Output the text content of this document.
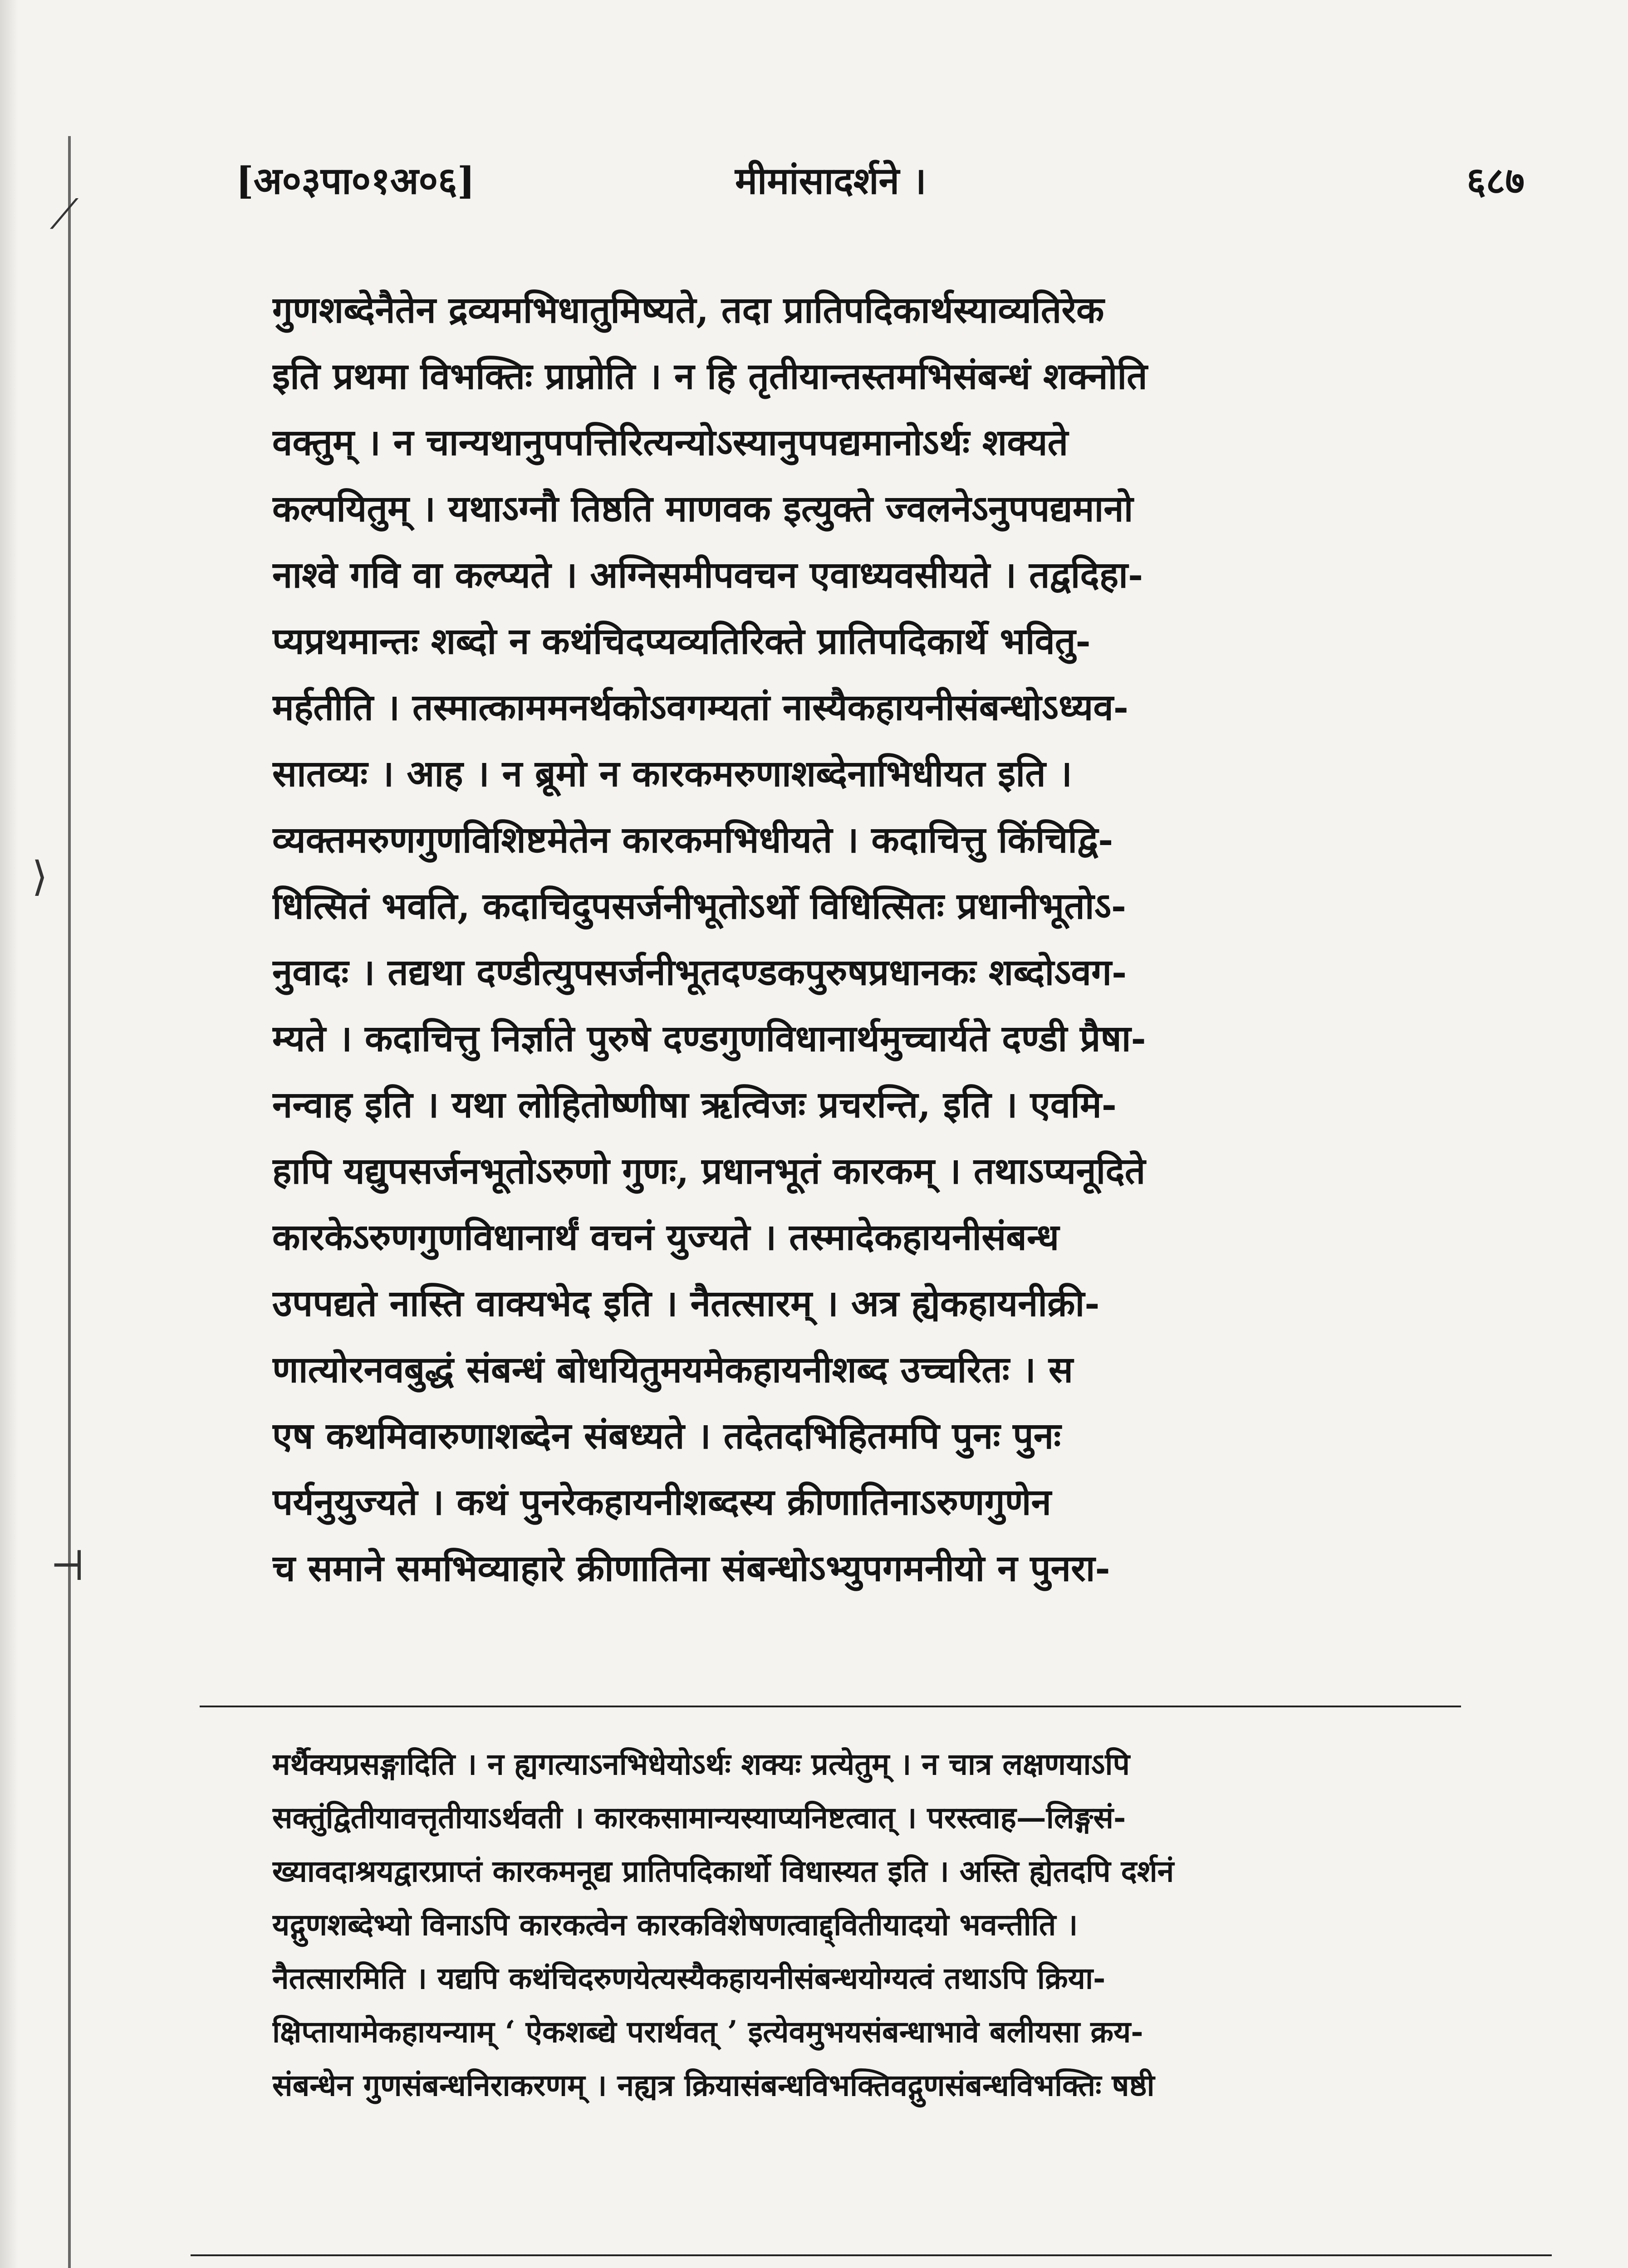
⟋
⟩
⊣
[अ०३पा०१अ०६]	मीमांसादर्शने ।	६८७
गुणशब्देनैतेन द्रव्यमभिधातुमिष्यते, तदा प्रातिपदिकार्थस्याव्यतिरेक
इति प्रथमा विभक्तिः प्राप्नोति । न हि तृतीयान्तस्तमभिसंबन्धं शक्नोति
वक्तुम् । न चान्यथानुपपत्तिरित्यन्योऽस्यानुपपद्यमानोऽर्थः शक्यते
कल्पयितुम् । यथाऽग्नौ तिष्ठति माणवक इत्युक्ते ज्वलनेऽनुपपद्यमानो
नाश्वे गवि वा कल्प्यते । अग्निसमीपवचन एवाध्यवसीयते । तद्वदिहा-
प्यप्रथमान्तः शब्दो न कथंचिदप्यव्यतिरिक्ते प्रातिपदिकार्थे भवितु-
मर्हतीति । तस्मात्काममनर्थकोऽवगम्यतां नास्यैकहायनीसंबन्धोऽध्यव-
सातव्यः । आह । न ब्रूमो न कारकमरुणाशब्देनाभिधीयत इति ।
व्यक्तमरुणगुणविशिष्टमेतेन कारकमभिधीयते । कदाचित्तु किंचिद्वि-
धित्सितं भवति, कदाचिदुपसर्जनीभूतोऽर्थो विधित्सितः प्रधानीभूतोऽ-
नुवादः । तद्यथा दण्डीत्युपसर्जनीभूतदण्डकपुरुषप्रधानकः शब्दोऽवग-
म्यते । कदाचित्तु निर्ज्ञाते पुरुषे दण्डगुणविधानार्थमुच्चार्यते दण्डी प्रैषा-
नन्वाह इति । यथा लोहितोष्णीषा ऋत्विजः प्रचरन्ति, इति । एवमि-
हापि यद्युपसर्जनभूतोऽरुणो गुणः, प्रधानभूतं कारकम् । तथाऽप्यनूदिते
कारकेऽरुणगुणविधानार्थं वचनं युज्यते । तस्मादेकहायनीसंबन्ध
उपपद्यते नास्ति वाक्यभेद इति । नैतत्सारम् । अत्र ह्येकहायनीक्री-
णात्योरनवबुद्धं संबन्धं बोधयितुमयमेकहायनीशब्द उच्चरितः । स
एष कथमिवारुणाशब्देन संबध्यते । तदेतदभिहितमपि पुनः पुनः
पर्यनुयुज्यते । कथं पुनरेकहायनीशब्दस्य क्रीणातिनाऽरुणगुणेन
च समाने समभिव्याहारे क्रीणातिना संबन्धोऽभ्युपगमनीयो न पुनरा-
मर्थैक्यप्रसङ्गादिति । न ह्यगत्याऽनभिधेयोऽर्थः शक्यः प्रत्येतुम् । न चात्र लक्षणयाऽपि
सक्तुंद्वितीयावत्तृतीयाऽर्थवती । कारकसामान्यस्याप्यनिष्टत्वात् । परस्त्वाह—लिङ्गसं-
ख्यावदाश्रयद्वारप्राप्तं कारकमनूद्य प्रातिपदिकार्थो विधास्यत इति । अस्ति ह्येतदपि दर्शनं
यद्गुणशब्देभ्यो विनाऽपि कारकत्वेन कारकविशेषणत्वाद्द्वितीयादयो भवन्तीति ।
नैतत्सारमिति । यद्यपि कथंचिदरुणयेत्यस्यैकहायनीसंबन्धयोग्यत्वं तथाऽपि क्रिया-
क्षिप्तायामेकहायन्याम् ‘ ऐकशब्द्ये परार्थवत् ’ इत्येवमुभयसंबन्धाभावे बलीयसा क्रय-
संबन्धेन गुणसंबन्धनिराकरणम् । नह्यत्र क्रियासंबन्धविभक्तिवद्गुणसंबन्धविभक्तिः षष्ठी
